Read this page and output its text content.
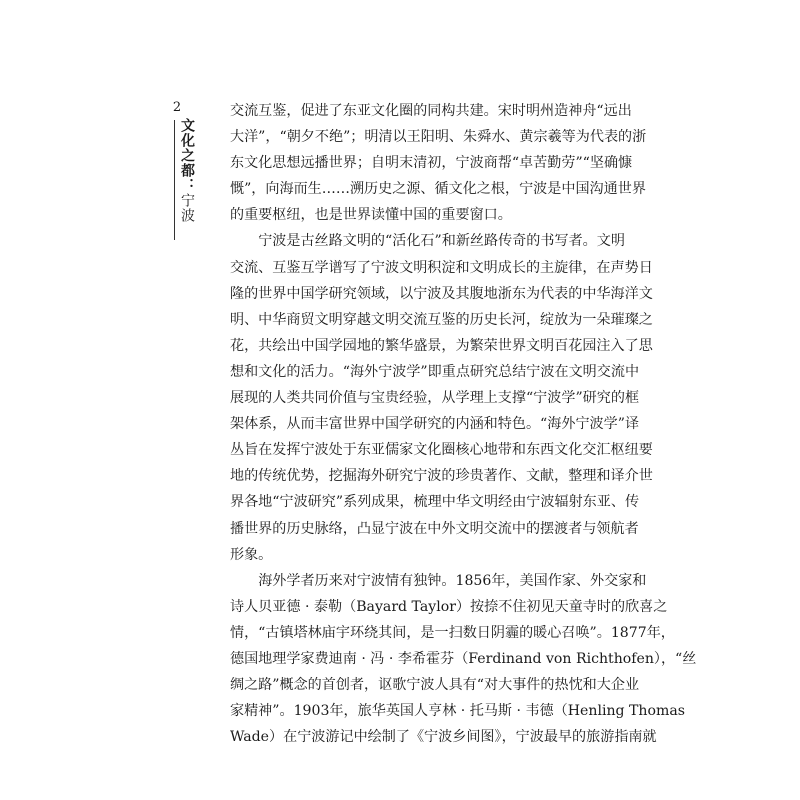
2
文化之都：宁波
交流互鉴，促进了东亚文化圈的同构共建。宋时明州造神舟“远出
大洋”，“朝夕不绝”；明清以王阳明、朱舜水、黄宗羲等为代表的浙
东文化思想远播世界；自明末清初，宁波商帮“卓苦勤劳”“坚确慷
慨”，向海而生……溯历史之源、循文化之根，宁波是中国沟通世界
的重要枢纽，也是世界读懂中国的重要窗口。
宁波是古丝路文明的“活化石”和新丝路传奇的书写者。文明
交流、互鉴互学谱写了宁波文明积淀和文明成长的主旋律，在声势日
隆的世界中国学研究领域，以宁波及其腹地浙东为代表的中华海洋文
明、中华商贸文明穿越文明交流互鉴的历史长河，绽放为一朵璀璨之
花，共绘出中国学园地的繁华盛景，为繁荣世界文明百花园注入了思
想和文化的活力。“海外宁波学”即重点研究总结宁波在文明交流中
展现的人类共同价值与宝贵经验，从学理上支撑“宁波学”研究的框
架体系，从而丰富世界中国学研究的内涵和特色。“海外宁波学”译
丛旨在发挥宁波处于东亚儒家文化圈核心地带和东西文化交汇枢纽要
地的传统优势，挖掘海外研究宁波的珍贵著作、文献，整理和译介世
界各地“宁波研究”系列成果，梳理中华文明经由宁波辐射东亚、传
播世界的历史脉络，凸显宁波在中外文明交流中的摆渡者与领航者
形象。
海外学者历来对宁波情有独钟。1856年，美国作家、外交家和
诗人贝亚德 · 泰勒（Bayard Taylor）按捺不住初见天童寺时的欣喜之
情，“古镇塔林庙宇环绕其间，是一扫数日阴霾的暖心召唤”。1877年，
德国地理学家费迪南 · 冯 · 李希霍芬（Ferdinand von Richthofen），“丝
绸之路”概念的首创者，讴歌宁波人具有“对大事件的热忱和大企业
家精神”。1903年，旅华英国人亨林 · 托马斯 · 韦德（Henling Thomas
Wade）在宁波游记中绘制了《宁波乡间图》，宁波最早的旅游指南就
